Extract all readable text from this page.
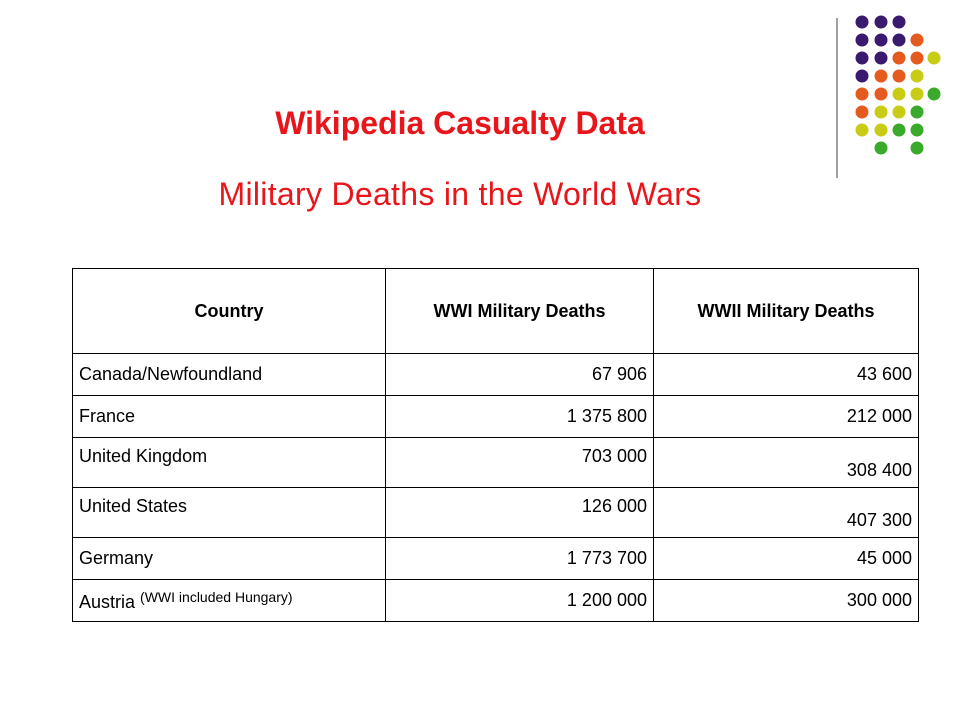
Wikipedia Casualty Data
Military Deaths in the World Wars
Country	WWI Military Deaths	WWII Military Deaths
Canada/Newfoundland	67 906	43 600
France	1 375 800	212 000
United Kingdom	703 000	308 400
United States	126 000	407 300
Germany	1 773 700	45 000
Austria $^{(WWI included Hungary)}$	1 200 000	300 000
